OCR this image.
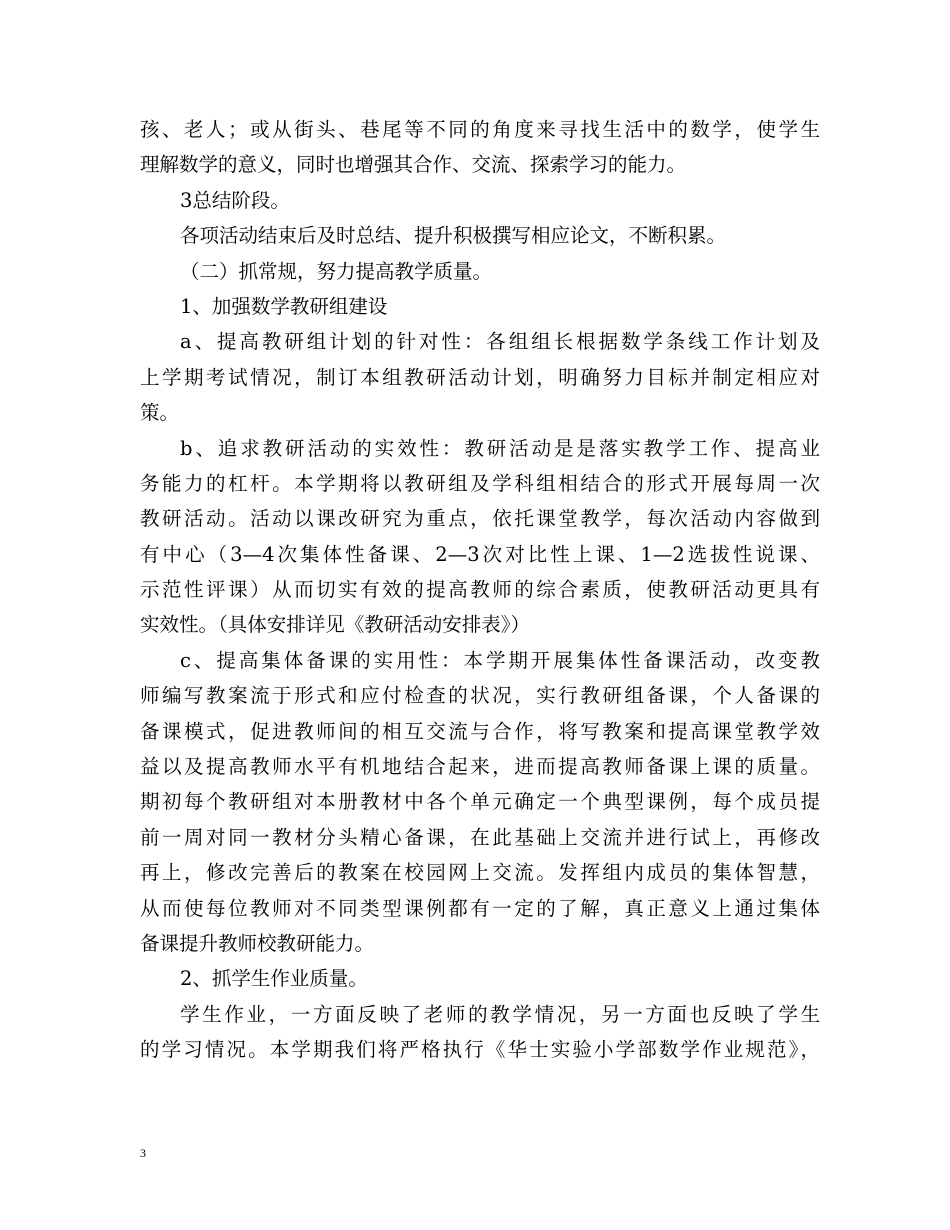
孩、老人；或从街头、巷尾等不同的角度来寻找生活中的数学，使学生
理解数学的意义，同时也增强其合作、交流、探索学习的能力。
3总结阶段。
各项活动结束后及时总结、提升积极撰写相应论文，不断积累。
（二）抓常规，努力提高教学质量。
1、加强数学教研组建设
a、提高教研组计划的针对性：各组组长根据数学条线工作计划及
上学期考试情况，制订本组教研活动计划，明确努力目标并制定相应对
策。
b、追求教研活动的实效性：教研活动是是落实教学工作、提高业
务能力的杠杆。本学期将以教研组及学科组相结合的形式开展每周一次
教研活动。活动以课改研究为重点，依托课堂教学，每次活动内容做到
有中心（3—4次集体性备课、2—3次对比性上课、1—2选拔性说课、
示范性评课）从而切实有效的提高教师的综合素质，使教研活动更具有
实效性。（具体安排详见《教研活动安排表》）
c、提高集体备课的实用性：本学期开展集体性备课活动，改变教
师编写教案流于形式和应付检查的状况，实行教研组备课，个人备课的
备课模式，促进教师间的相互交流与合作，将写教案和提高课堂教学效
益以及提高教师水平有机地结合起来，进而提高教师备课上课的质量。
期初每个教研组对本册教材中各个单元确定一个典型课例，每个成员提
前一周对同一教材分头精心备课，在此基础上交流并进行试上，再修改
再上，修改完善后的教案在校园网上交流。发挥组内成员的集体智慧，
从而使每位教师对不同类型课例都有一定的了解，真正意义上通过集体
备课提升教师校教研能力。
2、抓学生作业质量。
学生作业，一方面反映了老师的教学情况，另一方面也反映了学生
的学习情况。本学期我们将严格执行《华士实验小学部数学作业规范》，
3
